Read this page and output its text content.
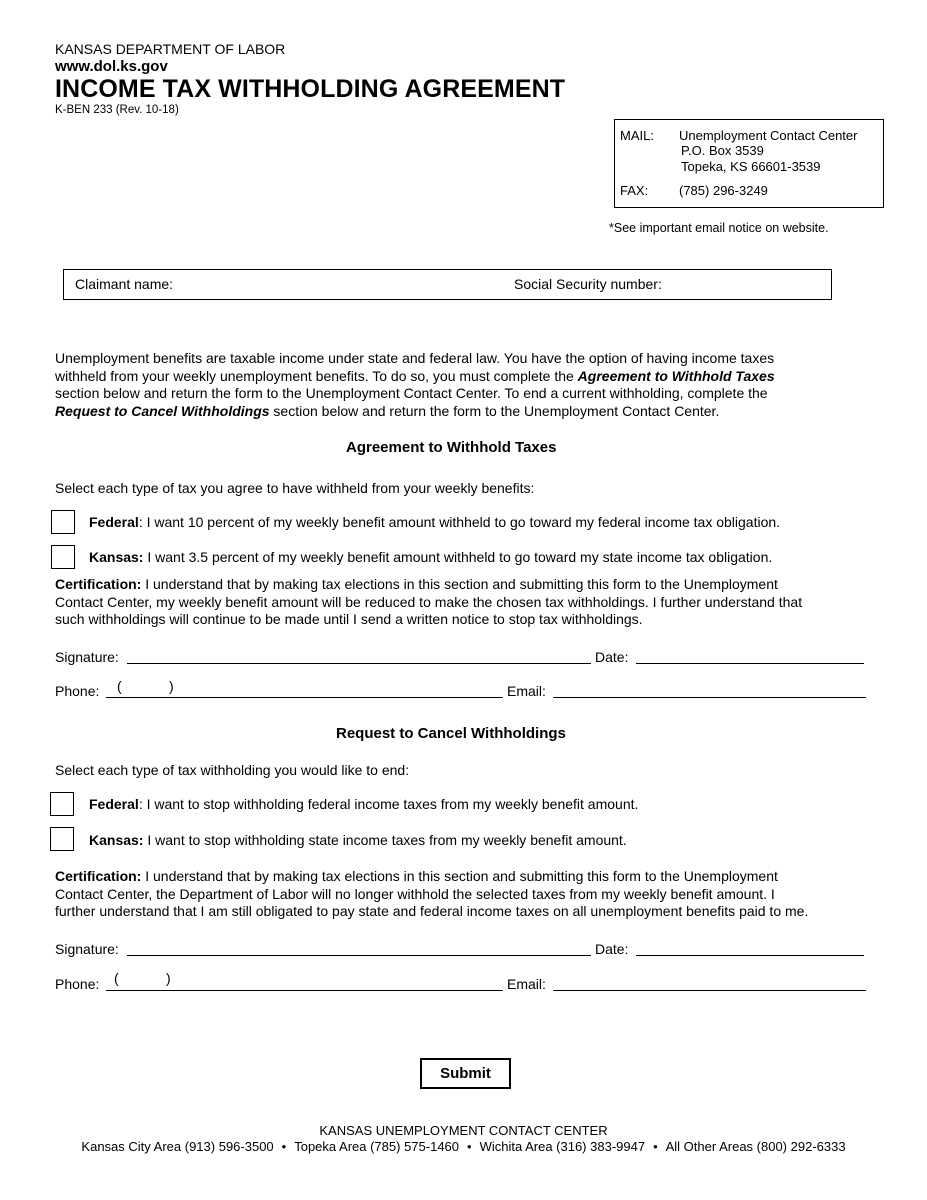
KANSAS DEPARTMENT OF LABOR
www.dol.ks.gov
INCOME TAX WITHHOLDING AGREEMENT
K-BEN 233 (Rev. 10-18)
MAIL: Unemployment Contact Center
P.O. Box 3539
Topeka, KS 66601-3539
FAX: (785) 296-3249
*See important email notice on website.
Claimant name:	Social Security number:
Unemployment benefits are taxable income under state and federal law. You have the option of having income taxes
withheld from your weekly unemployment benefits. To do so, you must complete the Agreement to Withhold Taxes
section below and return the form to the Unemployment Contact Center. To end a current withholding, complete the
Request to Cancel Withholdings section below and return the form to the Unemployment Contact Center.
Agreement to Withhold Taxes
Select each type of tax you agree to have withheld from your weekly benefits:
Federal: I want 10 percent of my weekly benefit amount withheld to go toward my federal income tax obligation.
Kansas: I want 3.5 percent of my weekly benefit amount withheld to go toward my state income tax obligation.
Certification: I understand that by making tax elections in this section and submitting this form to the Unemployment
Contact Center, my weekly benefit amount will be reduced to make the chosen tax withholdings. I further understand that
such withholdings will continue to be made until I send a written notice to stop tax withholdings.
Signature:	Date:
Phone: (	)	Email:
Request to Cancel Withholdings
Select each type of tax withholding you would like to end:
Federal: I want to stop withholding federal income taxes from my weekly benefit amount.
Kansas: I want to stop withholding state income taxes from my weekly benefit amount.
Certification: I understand that by making tax elections in this section and submitting this form to the Unemployment
Contact Center, the Department of Labor will no longer withhold the selected taxes from my weekly benefit amount. I
further understand that I am still obligated to pay state and federal income taxes on all unemployment benefits paid to me.
Signature:	Date:
Phone: (	)	Email:
Submit
KANSAS UNEMPLOYMENT CONTACT CENTER
Kansas City Area (913) 596-3500 • Topeka Area (785) 575-1460 • Wichita Area (316) 383-9947 • All Other Areas (800) 292-6333
